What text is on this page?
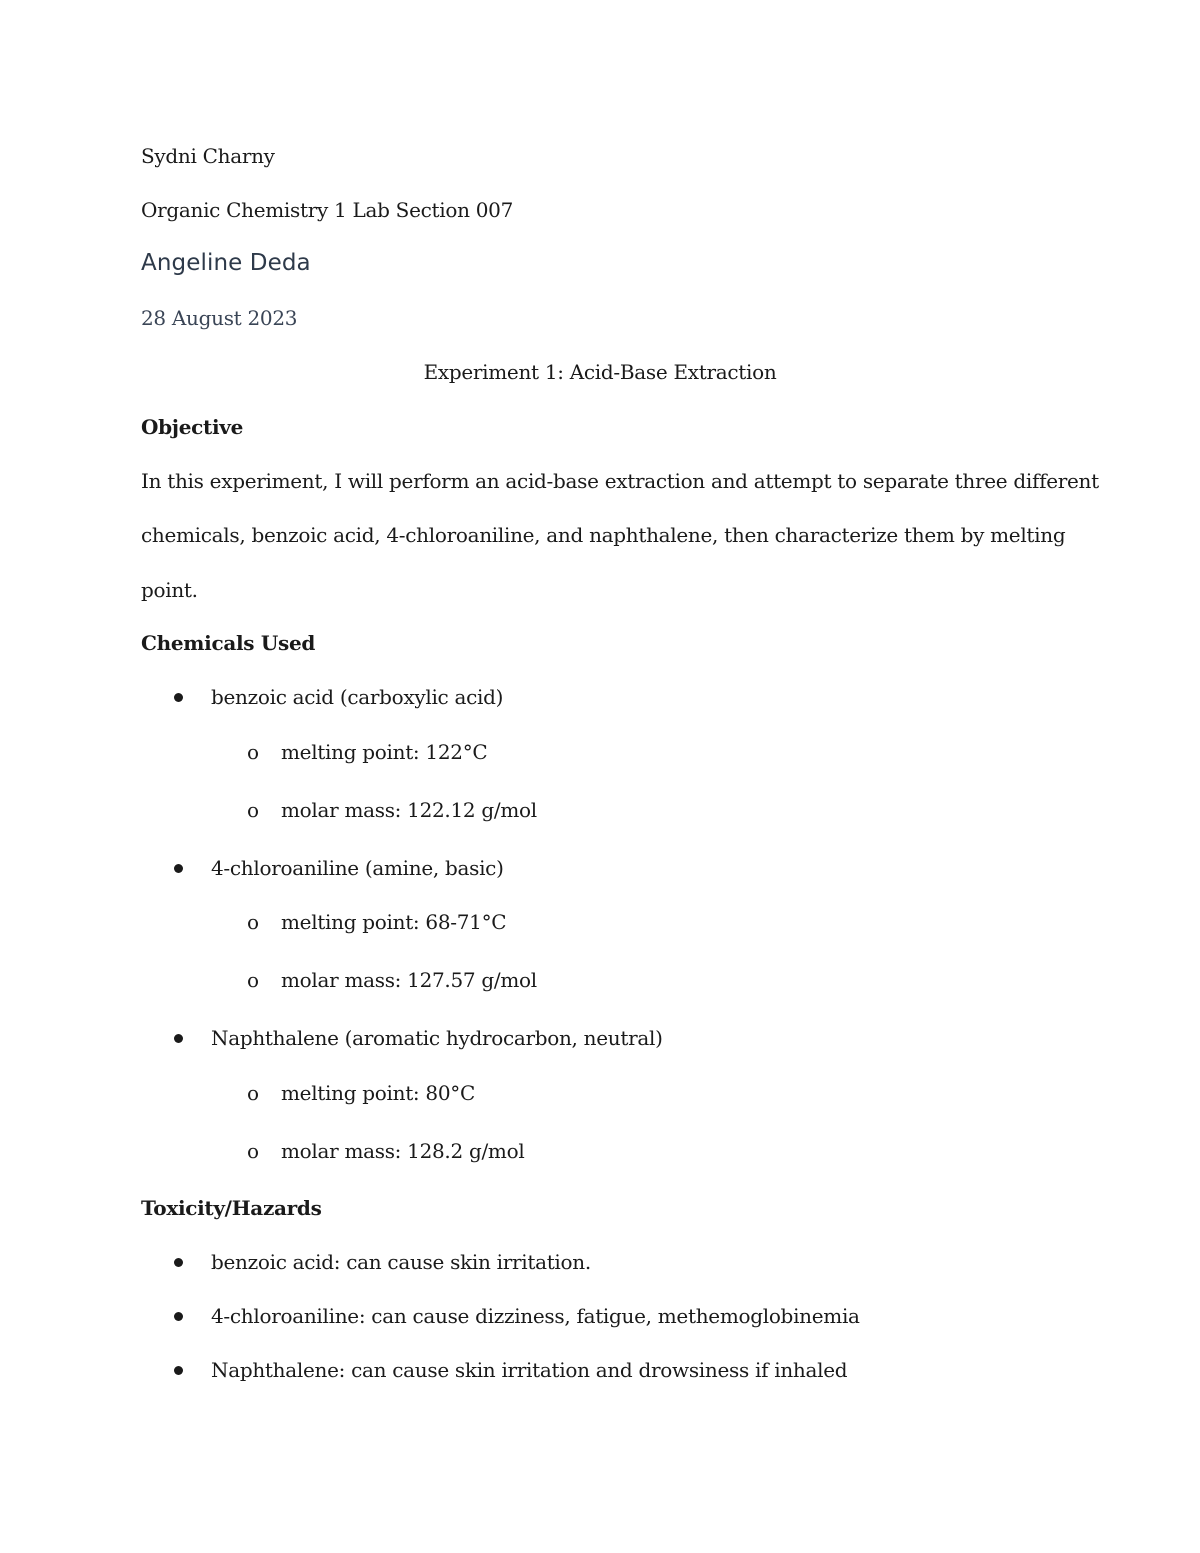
Sydni Charny
Organic Chemistry 1 Lab Section 007
Angeline Deda
28 August 2023
Experiment 1: Acid-Base Extraction
Objective
In this experiment, I will perform an acid-base extraction and attempt to separate three different
chemicals, benzoic acid, 4-chloroaniline, and naphthalene, then characterize them by melting
point.
Chemicals Used
benzoic acid (carboxylic acid)
o melting point: 122°C
o molar mass: 122.12 g/mol
4-chloroaniline (amine, basic)
o melting point: 68-71°C
o molar mass: 127.57 g/mol
Naphthalene (aromatic hydrocarbon, neutral)
o melting point: 80°C
o molar mass: 128.2 g/mol
Toxicity/Hazards
benzoic acid: can cause skin irritation.
4-chloroaniline: can cause dizziness, fatigue, methemoglobinemia
Naphthalene: can cause skin irritation and drowsiness if inhaled
